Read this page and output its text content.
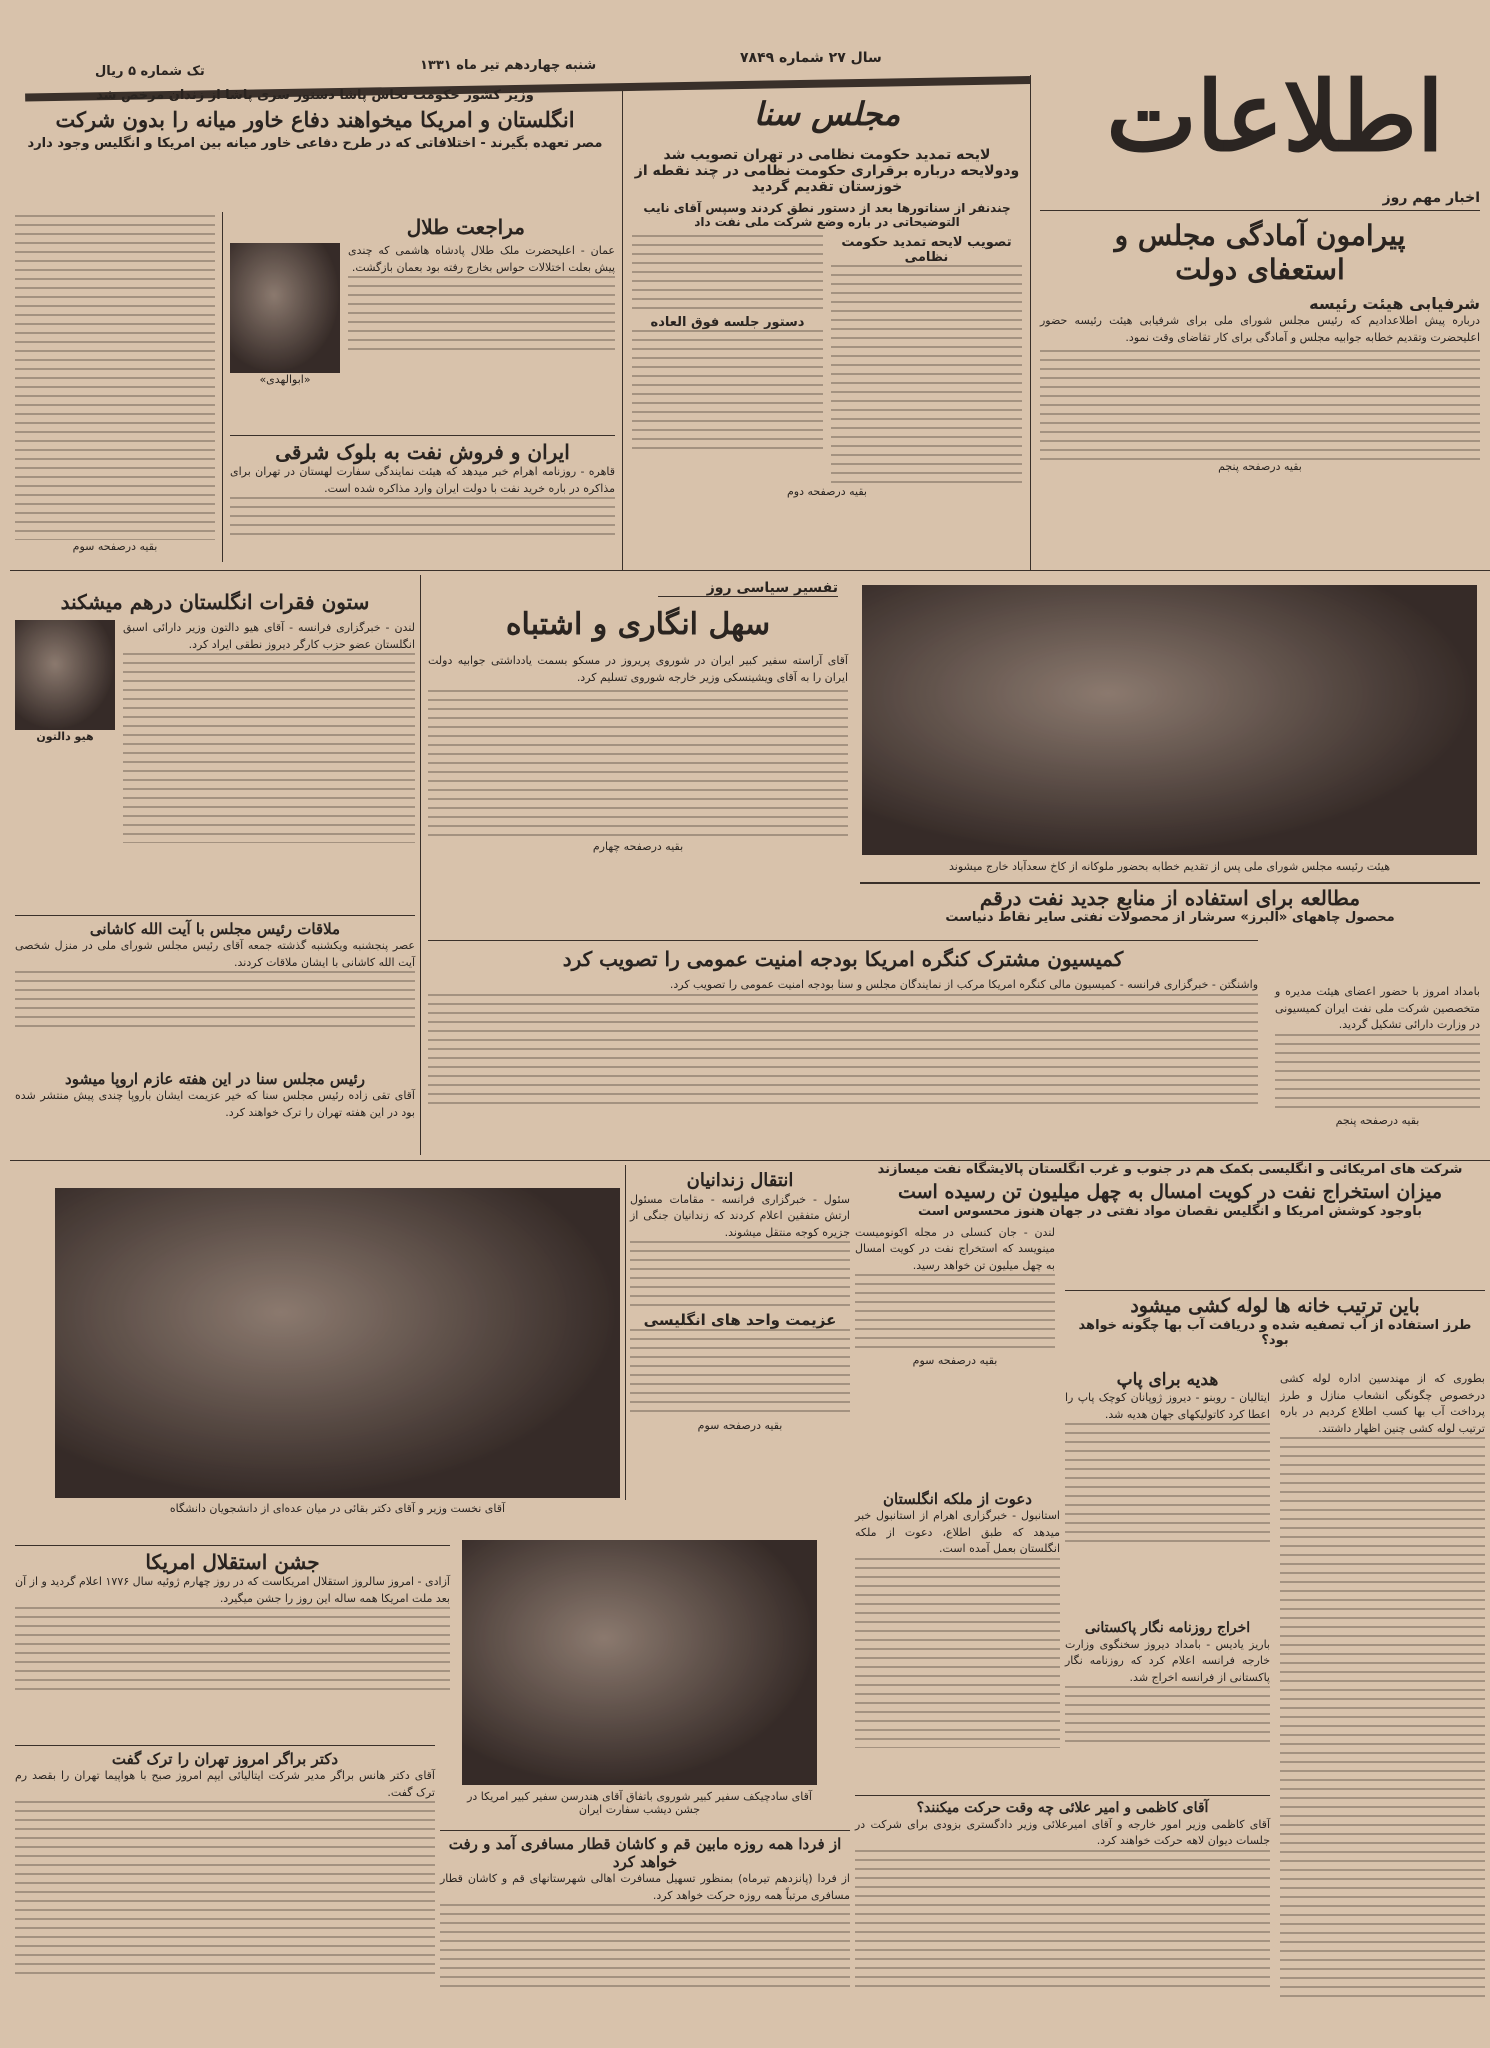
اطلاعات
سال ۲۷ شماره ۷۸۴۹
شنبه چهاردهم تیر ماه ۱۳۳۱
تک شماره ۵ ریال
اخبار مهم روز
پیرامون آمادگی مجلس و استعفای دولت
شرفیابی هیئت رئیسه
درباره پیش اطلاعدادیم که رئیس مجلس شورای ملی برای شرفیابی هیئت رئیسه حضور اعلیحضرت وتقدیم خطابه جوابیه مجلس و آمادگی برای کار تقاضای وقت نمود.
بقیه درصفحه پنجم
مجلس سنا
لایحه تمدید حکومت نظامی در تهران تصویب شد ودولایحه درباره برقراری حکومت نظامی در چند نقطه از خوزستان تقدیم گردید
چندنفر از سناتورها بعد از دستور نطق کردند وسپس آقای نایب التوضیحاتی در باره وضع شرکت ملی نفت داد
تصویب لایحه تمدید حکومت نظامی
دستور جلسه فوق العاده
بقیه درصفحه دوم
وزیر کشور حکومت نحاس پاشا دستور سری پاشا از زندان مرخص شد
انگلستان و امریکا میخواهند دفاع خاور میانه را بدون شرکت
مصر تعهده بگیرند - اختلافاتی که در طرح دفاعی خاور میانه بین امریکا و انگلیس وجود دارد
بقیه درصفحه سوم
مراجعت طلال
عمان - اعلیحضرت ملک طلال پادشاه هاشمی که چندی پیش بعلت اختلالات حواس بخارج رفته بود بعمان بازگشت.
«ابوالهدی»
ایران و فروش نفت به بلوک شرقی
قاهره - روزنامه اهرام خبر میدهد که هیئت نمایندگی سفارت لهستان در تهران برای مذاکره در باره خرید نفت با دولت ایران وارد مذاکره شده است.
ستون فقرات انگلستان درهم میشکند
لندن - خبرگزاری فرانسه - آقای هیو دالتون وزیر دارائی اسبق انگلستان عضو حزب کارگر دیروز نطقی ایراد کرد.
هیو دالتون
ملاقات رئیس مجلس با آیت الله کاشانی
عصر پنجشنبه ویکشنبه گذشته جمعه آقای رئیس مجلس شورای ملی در منزل شخصی آیت الله کاشانی با ایشان ملاقات کردند.
رئیس مجلس سنا در این هفته عازم اروپا میشود
آقای تقی زاده رئیس مجلس سنا که خیر عزیمت ایشان باروپا چندی پیش منتشر شده بود در این هفته تهران را ترک خواهند کرد.
تفسیر سیاسی روز
سهل انگاری و اشتباه
آقای آراسته سفیر کبیر ایران در شوروی پریروز در مسکو بسمت یادداشتی جوابیه دولت ایران را به آقای ویشینسکی وزیر خارجه شوروی تسلیم کرد.
بقیه درصفحه چهارم
هیئت رئیسه مجلس شورای ملی پس از تقدیم خطابه بحضور ملوکانه از کاخ سعدآباد خارج میشوند
مطالعه برای استفاده از منابع جدید نفت درقم
محصول چاههای «البرز» سرشار از محصولات نفتی سایر نقاط دنیاست
بامداد امروز با حضور اعضای هیئت مدیره و متخصصین شرکت ملی نفت ایران کمیسیونی در وزارت دارائی تشکیل گردید.
بقیه درصفحه پنجم
کمیسیون مشترک کنگره امریکا بودجه امنیت عمومی را تصویب کرد
واشنگتن - خبرگزاری فرانسه - کمیسیون مالی کنگره امریکا مرکب از نمایندگان مجلس و سنا بودجه امنیت عمومی را تصویب کرد.
آقای نخست وزیر و آقای دکتر بقائی در میان عده‌ای از دانشجویان دانشگاه
جشن استقلال امریکا
آزادی - امروز سالروز استقلال امریکاست که در روز چهارم ژوئیه سال ۱۷۷۶ اعلام گردید و از آن بعد ملت امریکا همه ساله این روز را جشن میگیرد.
دکتر براگر امروز تهران را ترک گفت
آقای دکتر هانس براگر مدیر شرکت ایتالیائی ایپم امروز صبح با هواپیما تهران را بقصد رم ترک گفت.
انتقال زندانیان
سئول - خبرگزاری فرانسه - مقامات مسئول ارتش متفقین اعلام کردند که زندانیان جنگی از جزیره کوجه منتقل میشوند.
عزیمت واحد های انگلیسی
بقیه درصفحه سوم
آقای سادچیکف سفیر کبیر شوروی باتفاق آقای هندرسن سفیر کبیر امریکا در جشن دیشب سفارت ایران
از فردا همه روزه مابین قم و کاشان قطار مسافری آمد و رفت خواهد کرد
از فردا (پانزدهم تیرماه) بمنظور تسهیل مسافرت اهالی شهرستانهای قم و کاشان قطار مسافری مرتباً همه روزه حرکت خواهد کرد.
شرکت های امریکائی و انگلیسی بکمک هم در جنوب و غرب انگلستان پالایشگاه نفت میسازند
میزان استخراج نفت در کویت امسال به چهل میلیون تن رسیده است
باوجود کوشش امریکا و انگلیس نقصان مواد نفتی در جهان هنوز محسوس است
لندن - جان کنسلی در مجله اکونومیست مینویسد که استخراج نفت در کویت امسال به چهل میلیون تن خواهد رسید.
بقیه درصفحه سوم
باین ترتیب خانه ها لوله کشی میشود
طرز استفاده از آب تصفیه شده و دریافت آب بها چگونه خواهد بود؟
بطوری که از مهندسین اداره لوله کشی درخصوص چگونگی انشعاب منازل و طرز پرداخت آب بها کسب اطلاع کردیم در باره ترتیب لوله کشی چنین اظهار داشتند.
هدیه برای پاپ
ایتالیان - روبنو - دیروز ژوپانان کوچک پاپ را اعطا کرد کاتولیکهای جهان هدیه شد.
اخراج روزنامه نگار پاکستانی
باریز یادیس - بامداد دیروز سخنگوی وزارت خارجه فرانسه اعلام کرد که روزنامه نگار پاکستانی از فرانسه اخراج شد.
دعوت از ملکه انگلستان
استانبول - خبرگزاری اهرام از استانبول خبر میدهد که طبق اطلاع، دعوت از ملکه انگلستان بعمل آمده است.
آقای کاظمی و امیر علائی چه وقت حرکت میکنند؟
آقای کاظمی وزیر امور خارجه و آقای امیرعلائی وزیر دادگستری بزودی برای شرکت در جلسات دیوان لاهه حرکت خواهند کرد.
